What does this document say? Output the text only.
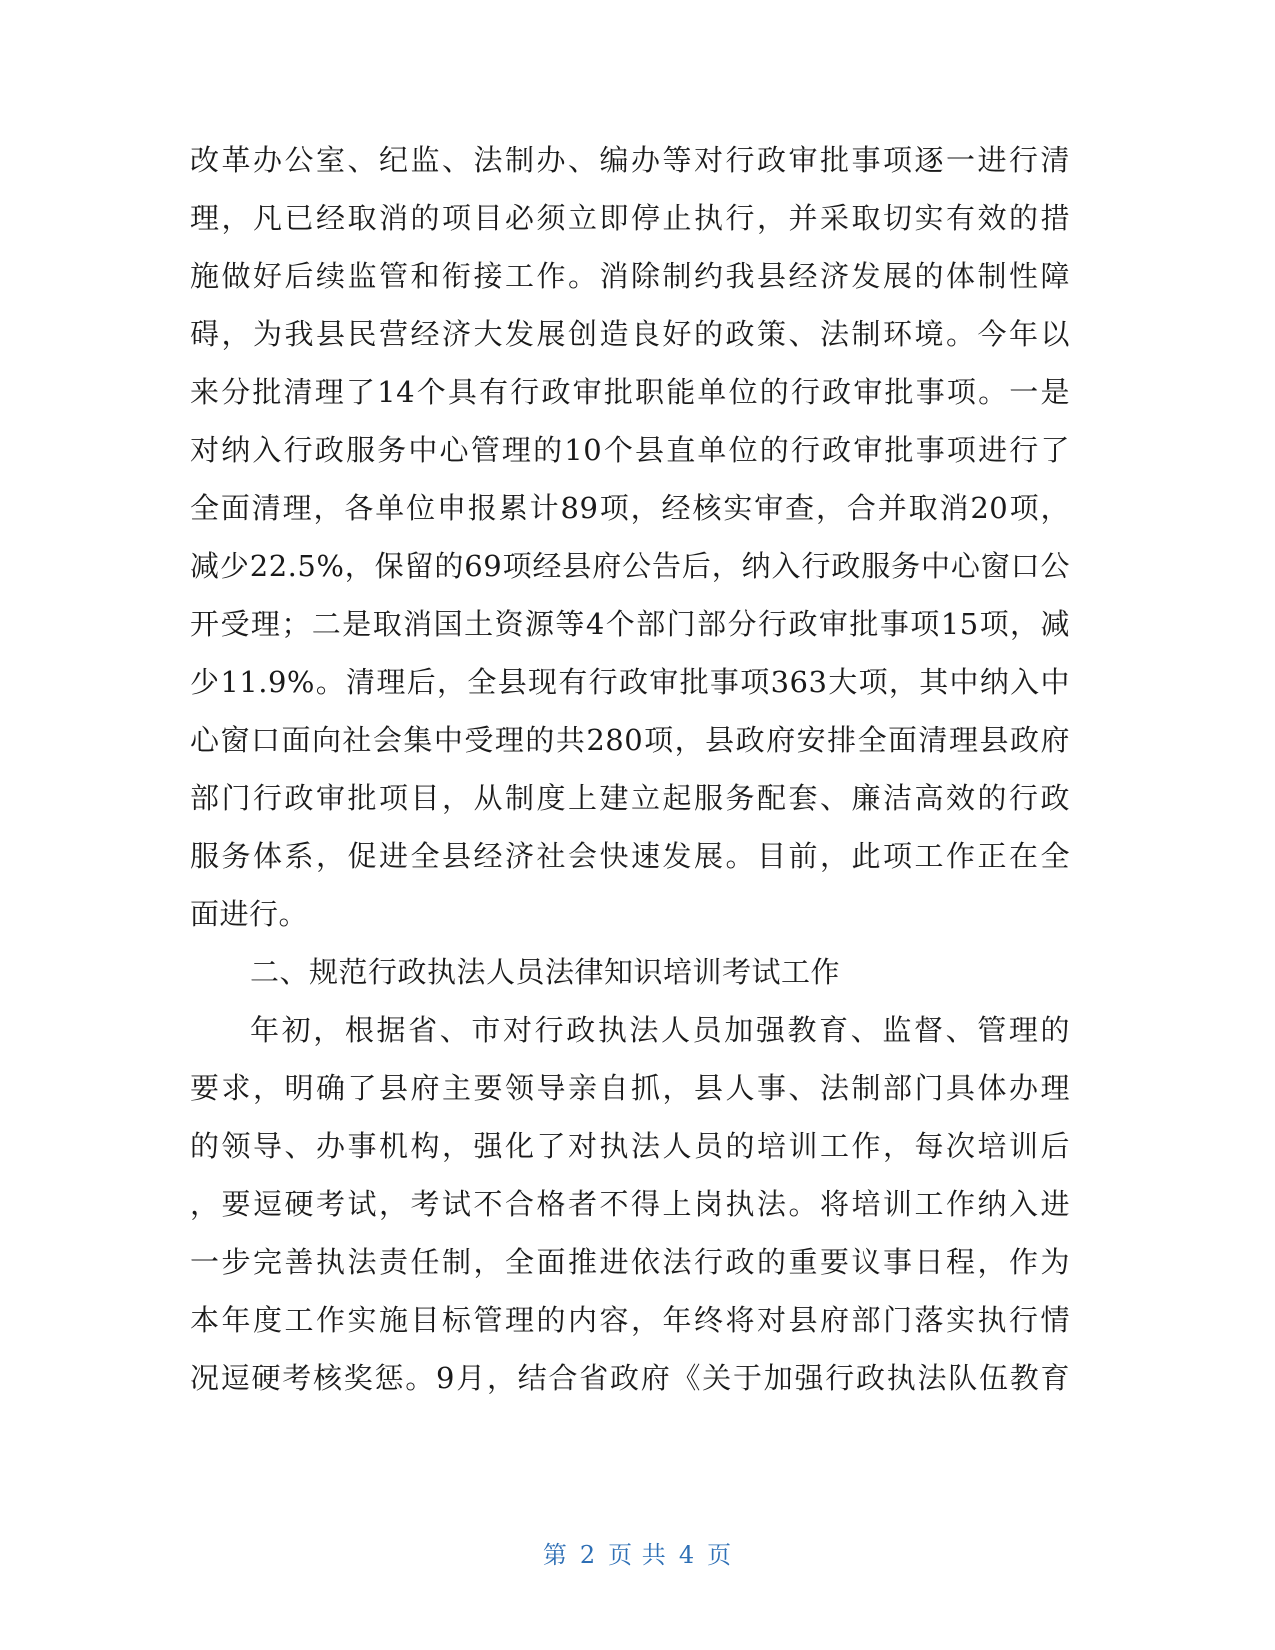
改革办公室、纪监、法制办、编办等对行政审批事项逐一进行清
理，凡已经取消的项目必须立即停止执行，并采取切实有效的措
施做好后续监管和衔接工作。消除制约我县经济发展的体制性障
碍，为我县民营经济大发展创造良好的政策、法制环境。今年以
来分批清理了14个具有行政审批职能单位的行政审批事项。一是
对纳入行政服务中心管理的10个县直单位的行政审批事项进行了
全面清理，各单位申报累计89项，经核实审查，合并取消20项，
减少22.5%，保留的69项经县府公告后，纳入行政服务中心窗口公
开受理；二是取消国土资源等4个部门部分行政审批事项15项，减
少11.9%。清理后，全县现有行政审批事项363大项，其中纳入中
心窗口面向社会集中受理的共280项，县政府安排全面清理县政府
部门行政审批项目，从制度上建立起服务配套、廉洁高效的行政
服务体系，促进全县经济社会快速发展。目前，此项工作正在全
面进行。
二、规范行政执法人员法律知识培训考试工作
年初，根据省、市对行政执法人员加强教育、监督、管理的
要求，明确了县府主要领导亲自抓，县人事、法制部门具体办理
的领导、办事机构，强化了对执法人员的培训工作，每次培训后
，要逗硬考试，考试不合格者不得上岗执法。将培训工作纳入进
一步完善执法责任制，全面推进依法行政的重要议事日程，作为
本年度工作实施目标管理的内容，年终将对县府部门落实执行情
况逗硬考核奖惩。9月，结合省政府《关于加强行政执法队伍教育
第 2 页 共 4 页
